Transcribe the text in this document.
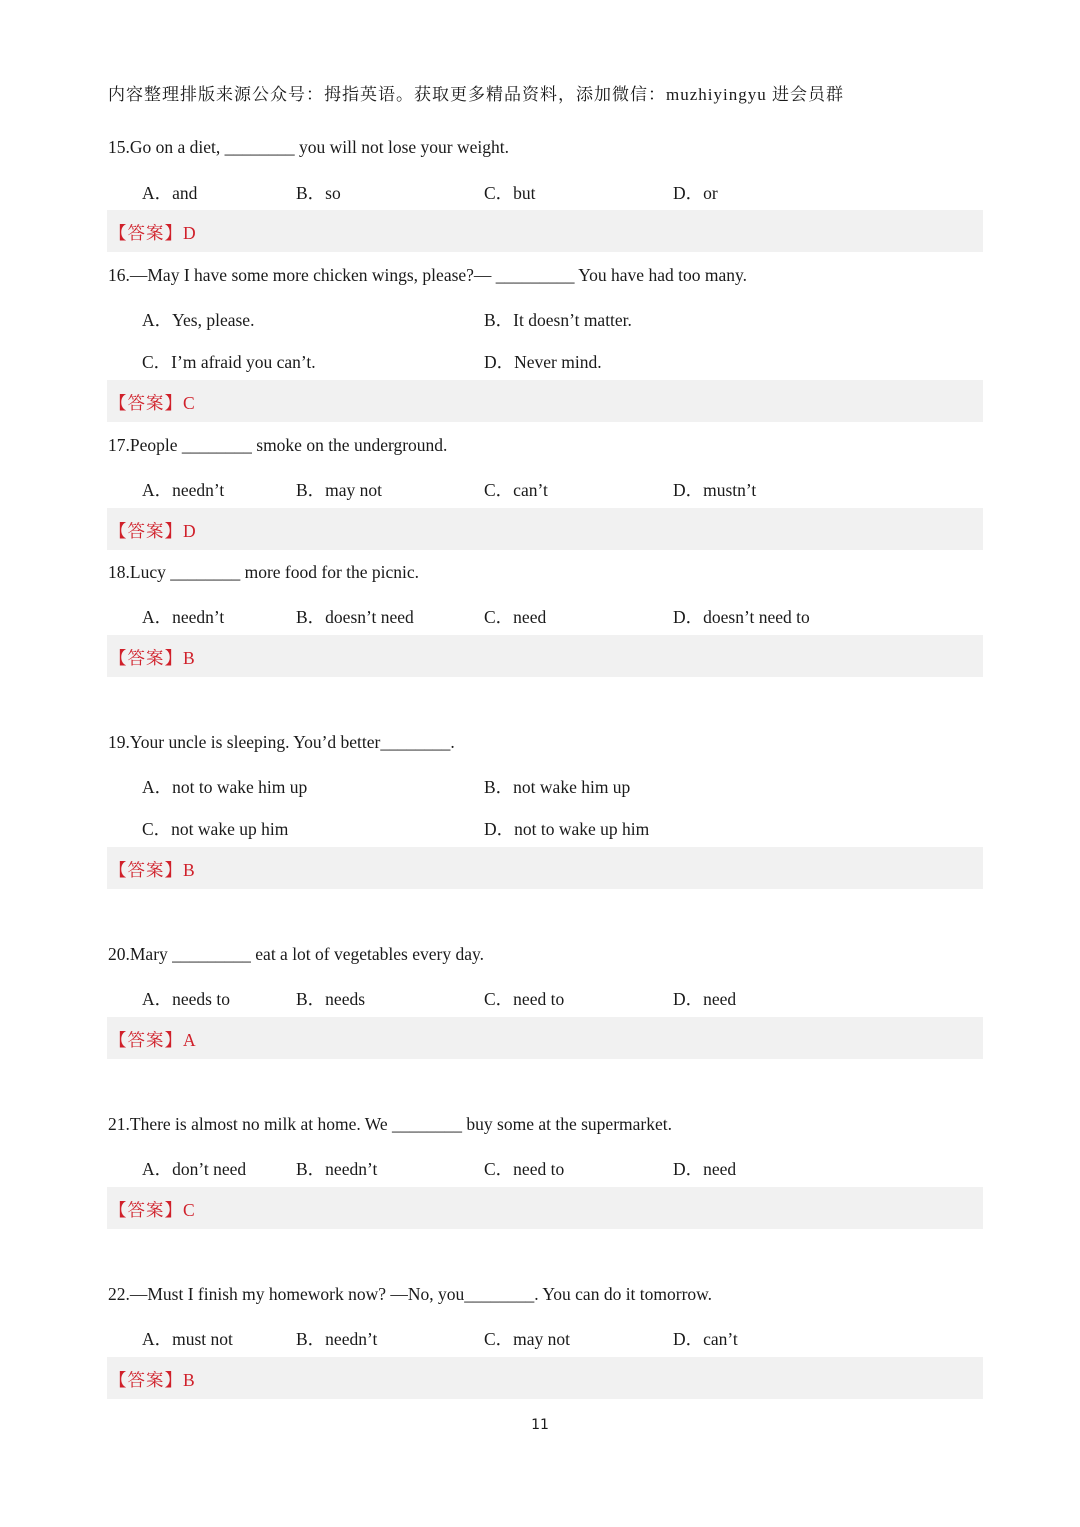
内容整理排版来源公众号：拇指英语。获取更多精品资料，添加微信：muzhiyingyu 进会员群
15.Go on a diet, ________ you will not lose your weight.
A．and	B．so	C．but	D．or
【答案】D
16.—May I have some more chicken wings, please?— _________ You have had too many.
A．Yes, please.	B．It doesn’t matter.
C．I’m afraid you can’t.	D．Never mind.
【答案】C
17.People ________ smoke on the underground.
A．needn’t	B．may not	C．can’t	D．mustn’t
【答案】D
18.Lucy ________ more food for the picnic.
A．needn’t	B．doesn’t need	C．need	D．doesn’t need to
【答案】B
19.Your uncle is sleeping. You’d better________.
A．not to wake him up	B．not wake him up
C．not wake up him	D．not to wake up him
【答案】B
20.Mary _________ eat a lot of vegetables every day.
A．needs to	B．needs	C．need to	D．need
【答案】A
21.There is almost no milk at home. We ________ buy some at the supermarket.
A．don’t need	B．needn’t	C．need to	D．need
【答案】C
22.—Must I finish my homework now? —No, you________. You can do it tomorrow.
A．must not	B．needn’t	C．may not	D．can’t
【答案】B
11
